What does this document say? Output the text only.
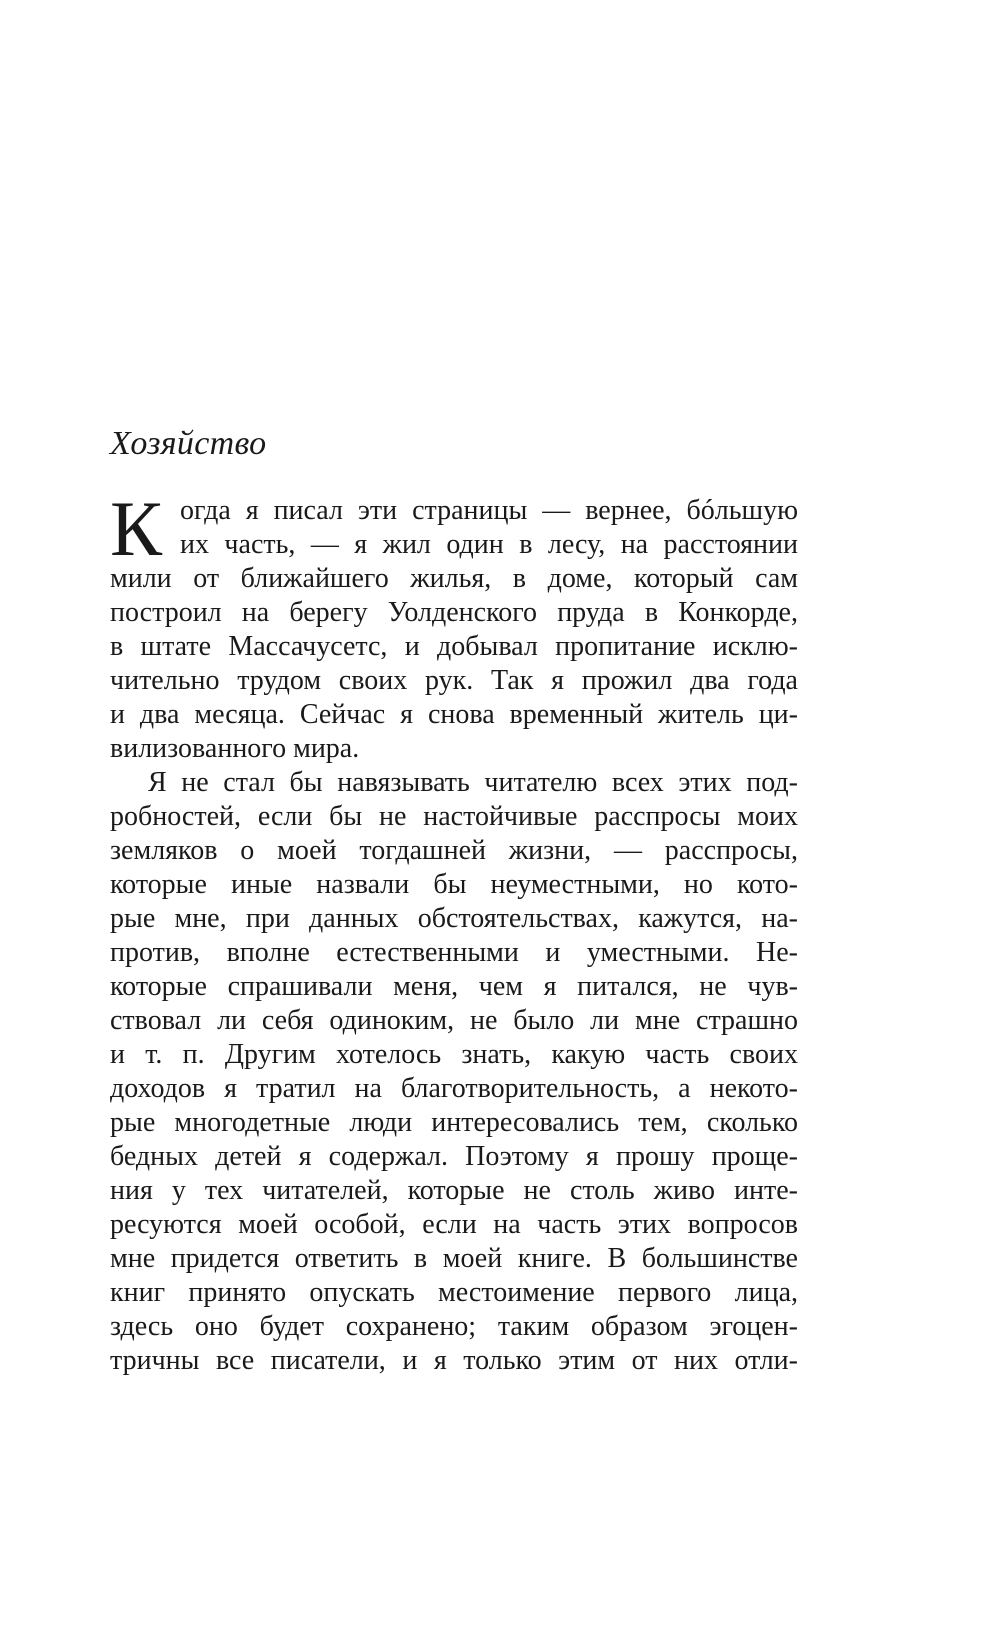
Хозяйство
К огда я писал эти страницы — вернее, бóльшую
их часть, — я жил один в лесу, на расстоянии
мили от ближайшего жилья, в доме, который сам
построил на берегу Уолденского пруда в Конкорде,
в штате Массачусетс, и добывал пропитание исклю-
чительно трудом своих рук. Так я прожил два года
и два месяца. Сейчас я снова временный житель ци-
вилизованного мира.
Я не стал бы навязывать читателю всех этих под-
робностей, если бы не настойчивые расспросы моих
земляков о моей тогдашней жизни, — расспросы,
которые иные назвали бы неуместными, но кото-
рые мне, при данных обстоятельствах, кажутся, на-
против, вполне естественными и уместными. Не-
которые спрашивали меня, чем я питался, не чув-
ствовал ли себя одиноким, не было ли мне страшно
и т. п. Другим хотелось знать, какую часть своих
доходов я тратил на благотворительность, а некото-
рые многодетные люди интересовались тем, сколько
бедных детей я содержал. Поэтому я прошу проще-
ния у тех читателей, которые не столь живо инте-
ресуются моей особой, если на часть этих вопросов
мне придется ответить в моей книге. В большинстве
книг принято опускать местоимение первого лица,
здесь оно будет сохранено; таким образом эгоцен-
тричны все писатели, и я только этим от них отли-
